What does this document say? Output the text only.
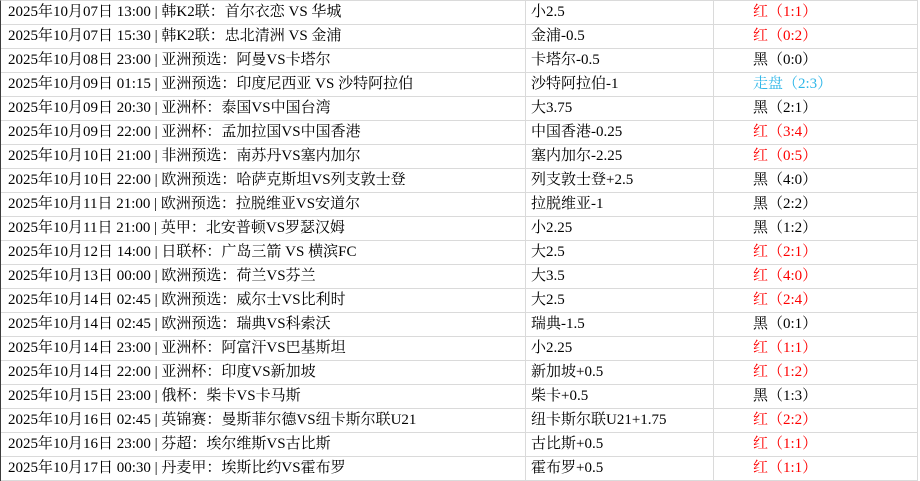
2025年10月07日 13:00 | 韩K2联：首尔衣恋 VS 华城	小2.5	红（1:1）
2025年10月07日 15:30 | 韩K2联：忠北清洲 VS 金浦	金浦-0.5	红（0:2）
2025年10月08日 23:00 | 亚洲预选：阿曼VS卡塔尔	卡塔尔-0.5	黑（0:0）
2025年10月09日 01:15 | 亚洲预选：印度尼西亚 VS 沙特阿拉伯	沙特阿拉伯-1	走盘（2:3）
2025年10月09日 20:30 | 亚洲杯：泰国VS中国台湾	大3.75	黑（2:1）
2025年10月09日 22:00 | 亚洲杯：孟加拉国VS中国香港	中国香港-0.25	红（3:4）
2025年10月10日 21:00 | 非洲预选：南苏丹VS塞内加尔	塞内加尔-2.25	红（0:5）
2025年10月10日 22:00 | 欧洲预选：哈萨克斯坦VS列支敦士登	列支敦士登+2.5	黑（4:0）
2025年10月11日 21:00 | 欧洲预选：拉脱维亚VS安道尔	拉脱维亚-1	黑（2:2）
2025年10月11日 21:00 | 英甲：北安普顿VS罗瑟汉姆	小2.25	黑（1:2）
2025年10月12日 14:00 | 日联杯：广岛三箭 VS 横滨FC	大2.5	红（2:1）
2025年10月13日 00:00 | 欧洲预选：荷兰VS芬兰	大3.5	红（4:0）
2025年10月14日 02:45 | 欧洲预选：威尔士VS比利时	大2.5	红（2:4）
2025年10月14日 02:45 | 欧洲预选：瑞典VS科索沃	瑞典-1.5	黑（0:1）
2025年10月14日 23:00 | 亚洲杯：阿富汗VS巴基斯坦	小2.25	红（1:1）
2025年10月14日 22:00 | 亚洲杯：印度VS新加坡	新加坡+0.5	红（1:2）
2025年10月15日 23:00 | 俄杯：柴卡VS卡马斯	柴卡+0.5	黑（1:3）
2025年10月16日 02:45 | 英锦赛：曼斯菲尔德VS纽卡斯尔联U21	纽卡斯尔联U21+1.75	红（2:2）
2025年10月16日 23:00 | 芬超：埃尔维斯VS古比斯	古比斯+0.5	红（1:1）
2025年10月17日 00:30 | 丹麦甲：埃斯比约VS霍布罗	霍布罗+0.5	红（1:1）
